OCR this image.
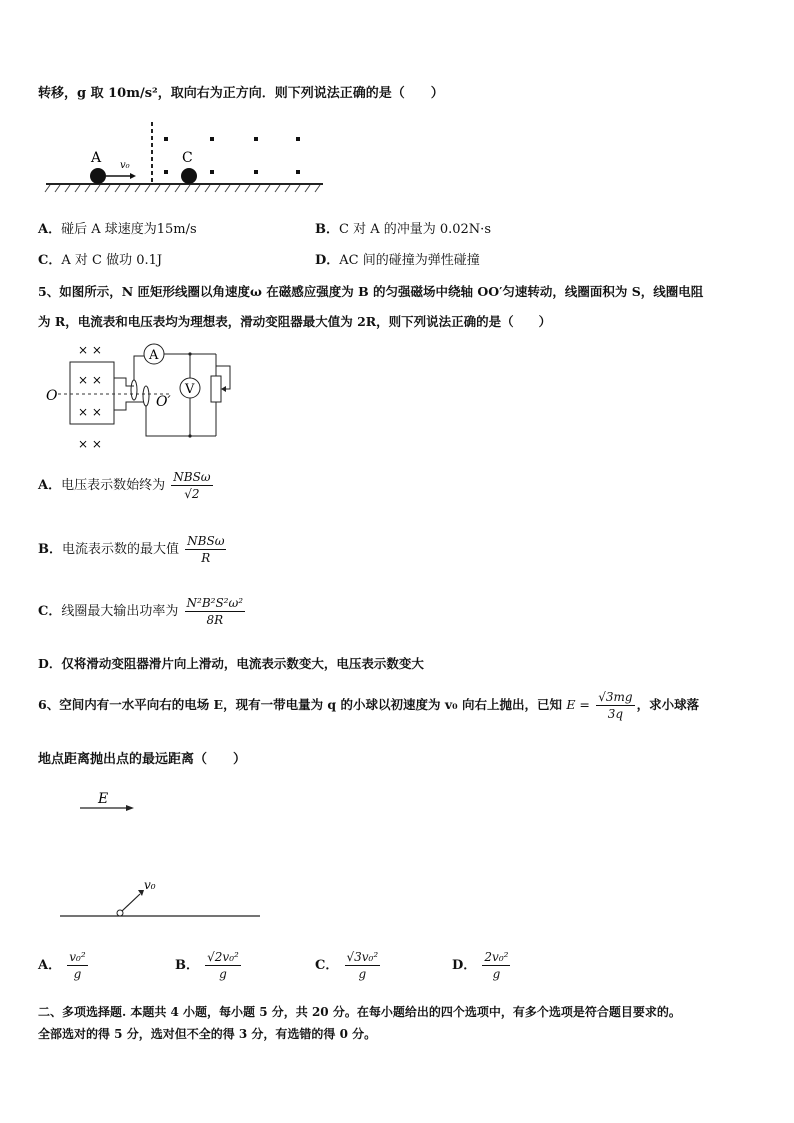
转移，g 取 10m/s²，取向右为正方向．则下列说法正确的是（　　）
A	C
v₀
A．碰后 A 球速度为15m/s	B．C 对 A 的冲量为 0.02N·s
C．A 对 C 做功 0.1J	D．AC 间的碰撞为弹性碰撞
5、如图所示，N 匝矩形线圈以角速度ω 在磁感应强度为 B 的匀强磁场中绕轴 OO′匀速转动，线圈面积为 S，线圈电阻
为 R，电流表和电压表均为理想表，滑动变阻器最大值为 2R，则下列说法正确的是（　　）
× ×
× ×
× ×
× ×
O	O′
A
V
A．电压表示数始终为 $\frac{\text{NBSω}}{√2}$
B．电流表示数的最大值 $\frac{\text{NBSω}}{R}$
C．线圈最大输出功率为 $\frac{\text{N²B²S²ω²}}{8R}$
D．仅将滑动变阻器滑片向上滑动，电流表示数变大，电压表示数变大
6、空间内有一水平向右的电场 E，现有一带电量为 q 的小球以初速度为 v₀ 向右上抛出，已知 $E = \frac{√3mg}{3q}$ ，求小球落
地点距离抛出点的最远距离（　　）
E
v₀
A． $\frac{\text{v₀²}}{g}$	B． $\frac{\text{√2v₀²}}{g}$	C． $\frac{\text{√3v₀²}}{g}$	D． $\frac{\text{2v₀²}}{g}$
二、多项选择题. 本题共 4 小题，每小题 5 分，共 20 分。在每小题给出的四个选项中，有多个选项是符合题目要求的。
全部选对的得 5 分，选对但不全的得 3 分，有选错的得 0 分。
